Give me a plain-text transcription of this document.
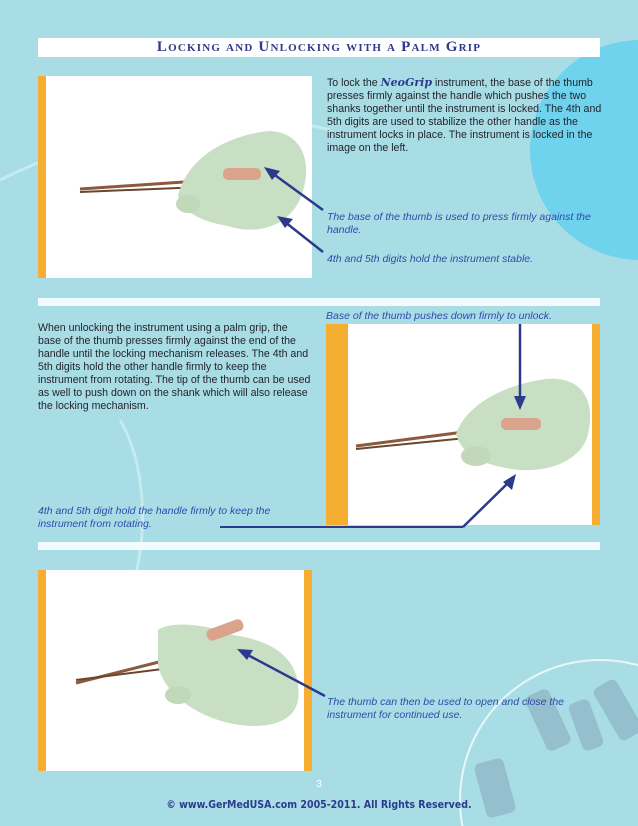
Locking and Unlocking with a Palm Grip
To lock the NeoGrip instrument, the base of the thumb presses firmly against the handle which pushes the two shanks together until the instrument is locked. The 4th and 5th digits are used to stabilize the other handle as the instrument locks in place. The instrument is locked in the image on the left.
The base of the thumb is used to press firmly against the handle.
4th and 5th digits hold the instrument stable.
Base of the thumb pushes down firmly to unlock.
When unlocking the instrument using a palm grip, the base of the thumb presses firmly against the end of the handle until the locking mechanism releases. The 4th and 5th digits hold the other handle firmly to keep the instrument from rotating. The tip of the thumb can be used as well to push down on the shank which will also release the locking mechanism.
4th and 5th digit hold the handle firmly to keep the instrument from rotating.
The thumb can then be used to open and close the instrument for continued use.
3
© www.GerMedUSA.com 2005-2011. All Rights Reserved.
